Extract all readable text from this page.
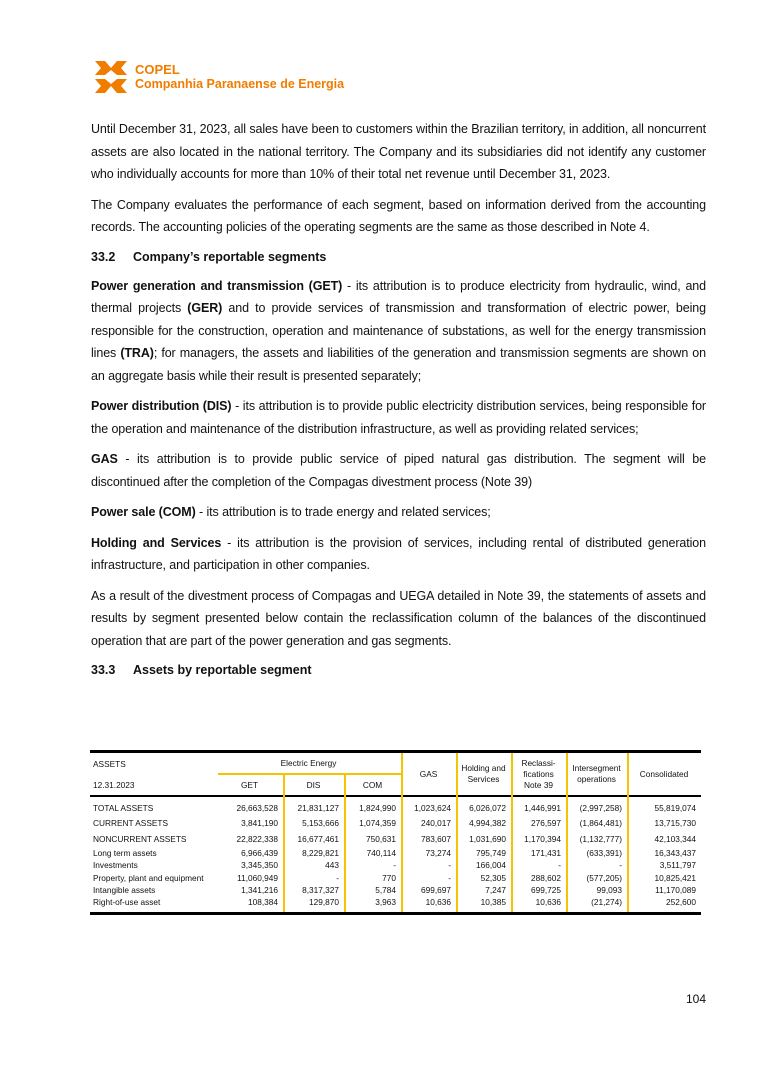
COPEL
Companhia Paranaense de Energia

Until December 31, 2023, all sales have been to customers within the Brazilian territory, in addition, all noncurrent assets are also located in the national territory. The Company and its subsidiaries did not identify any customer who individually accounts for more than 10% of their total net revenue until December 31, 2023.

The Company evaluates the performance of each segment, based on information derived from the accounting records. The accounting policies of the operating segments are the same as those described in Note 4.

33.2 Company’s reportable segments

Power generation and transmission (GET) - its attribution is to produce electricity from hydraulic, wind, and thermal projects (GER) and to provide services of transmission and transformation of electric power, being responsible for the construction, operation and maintenance of substations, as well for the energy transmission lines (TRA); for managers, the assets and liabilities of the generation and transmission segments are shown on an aggregate basis while their result is presented separately;

Power distribution (DIS) - its attribution is to provide public electricity distribution services, being responsible for the operation and maintenance of the distribution infrastructure, as well as providing related services;

GAS - its attribution is to provide public service of piped natural gas distribution. The segment will be discontinued after the completion of the Compagas divestment process (Note 39)

Power sale (COM) - its attribution is to trade energy and related services;

Holding and Services - its attribution is the provision of services, including rental of distributed generation infrastructure, and participation in other companies.

As a result of the divestment process of Compagas and UEGA detailed in Note 39, the statements of assets and results by segment presented below contain the reclassification column of the balances of the discontinued operation that are part of the power generation and gas segments.

33.3 Assets by reportable segment
ASSETS	Electric Energy			GAS	Holding and Services	Reclassi- fications Note 39	Intersegment operations	Consolidated
12.31.2023	GET	DIS	COM					
TOTAL ASSETS	26,663,528	21,831,127	1,824,990	1,023,624	6,026,072	1,446,991	(2,997,258)	55,819,074
CURRENT ASSETS	3,841,190	5,153,666	1,074,359	240,017	4,994,382	276,597	(1,864,481)	13,715,730
NONCURRENT ASSETS	22,822,338	16,677,461	750,631	783,607	1,031,690	1,170,394	(1,132,777)	42,103,344
Long term assets	6,966,439	8,229,821	740,114	73,274	795,749	171,431	(633,391)	16,343,437
Investments	3,345,350	443	-	-	166,004	-	-	3,511,797
Property, plant and equipment	11,060,949	-	770	-	52,305	288,602	(577,205)	10,825,421
Intangible assets	1,341,216	8,317,327	5,784	699,697	7,247	699,725	99,093	11,170,089
Right-of-use asset	108,384	129,870	3,963	10,636	10,385	10,636	(21,274)	252,600
104
